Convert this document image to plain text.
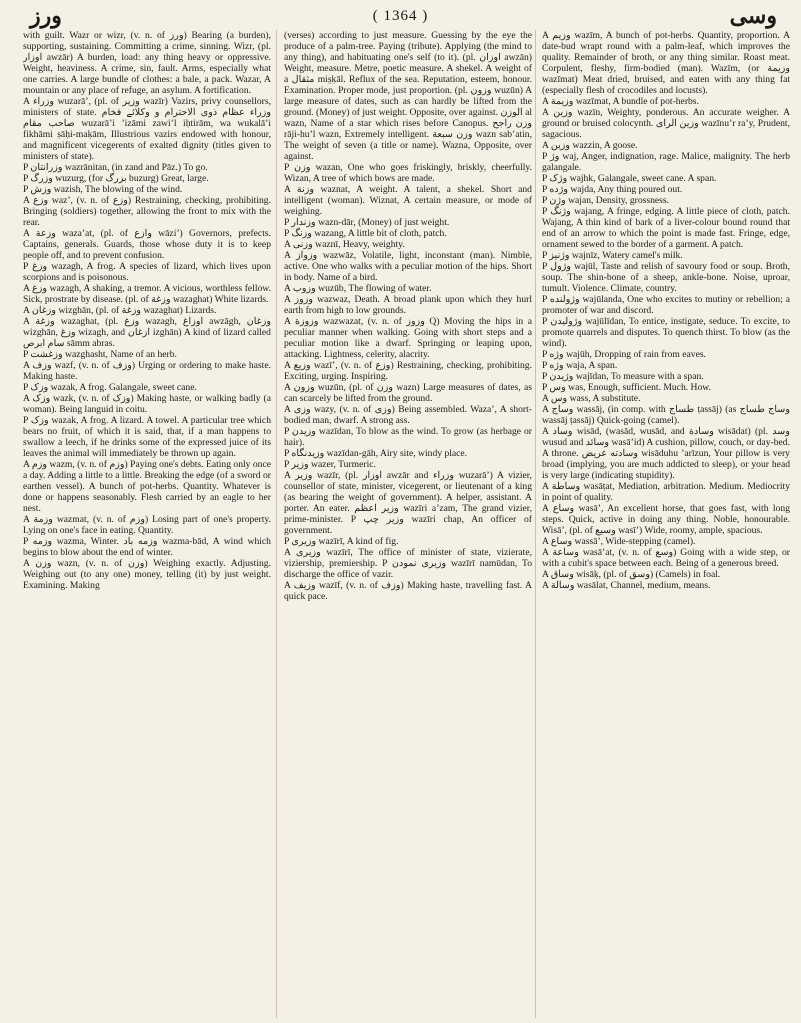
ورز	( 1364 )	وسی

with guilt. Wazr or wizr, (v. n. of ورز) Bearing (a burden), supporting, sustaining. Committing a crime, sinning. Wizr, (pl. اوزار awzār) A burden, load: any thing heavy or oppressive. Weight, heaviness. A crime, sin, fault. Arms, especially what one carries. A large bundle of clothes: a bale, a pack. Wazar, A mountain or any place of refuge, an asylum. A fortification.

A وزراء wuzarāʼ, (pl. of وزیر wazīr) Vazirs, privy counsellors, ministers of state. وزراء عظام ذوی الاحترام و وکلائے فخام صاحب مقام wuzarāʼi ʼizāmi zawiʼl iḥtirām, wa wukalāʼi fikhāmi ṣāḥi-maḳām, Illustrious vazirs endowed with honour, and magnificent vicegerents of exalted dignity (titles given to ministers of state).

P وزرانتان wazrānitan, (in zand and Pāz.) To go.

P وزرگ wuzurg, (for بزرگ buzurg) Great, large.

P وزش wazish, The blowing of the wind.

A وزع wazʼ, (v. n. of وزع) Restraining, checking, prohibiting. Bringing (soldiers) together, allowing the front to mix with the rear.

A وزعة wazaʼat, (pl. of وازع wāziʼ) Governors, prefects. Captains, generals. Guards, those whose duty it is to keep people off, and to prevent confusion.

P وزغ wazagh, A frog. A species of lizard, which lives upon scorpions and is poisonous.

A وزغ wazagh, A shaking, a tremor. A vicious, worthless fellow. Sick, prostrate by disease. (pl. of وزغة wazaghat) White lizards.

A وزغان wizghān, (pl. of وزغة wazaghat) Lizards.

A وزغة wazaghat, (pl. وزغ wazagh, اوزاغ awzāgh, وزغان wizghān, وزغ wizagh, and ازغان izghān) A kind of lizard called سام ابرص sāmm abras.

P وزغشت wazghasht, Name of an herb.

A وزف wazf, (v. n. of وزف) Urging or ordering to make haste. Making haste.

P وزک wazak, A frog. Galangale, sweet cane.

A وزک wazk, (v. n. of وزک) Making haste, or walking badly (a woman). Being languid in coitu.

P وزک wazak, A frog. A lizard. A towel. A particular tree which bears no fruit, of which it is said, that, if a man happens to swallow a leech, if he drinks some of the expressed juice of its leaves the animal will immediately be thrown up again.

A وزم wazm, (v. n. of وزم) Paying one's debts. Eating only once a day. Adding a little to a little. Breaking the edge (of a sword or earthen vessel). A bunch of pot-herbs. Quantity. Whatever is done or happens seasonably. Flesh carried by an eagle to her nest.

A وزمة wazmat, (v. n. of وزم) Losing part of one's property. Lying on one's face in eating. Quantity.

P وزمه wazma, Winter. وزمه باد wazma-bād, A wind which begins to blow about the end of winter.

A وزن wazn, (v. n. of وزن) Weighing exactly. Adjusting. Weighing out (to any one) money, telling (it) by just weight. Examining. Making

(verses) according to just measure. Guessing by the eye the produce of a palm-tree. Paying (tribute). Applying (the mind to any thing), and habituating one's self (to it). (pl. اوزان awzān) Weight, measure. Metre, poetic measure. A shekel. A weight of a مثقال mis̤ḳāl. Reflux of the sea. Reputation, esteem, honour. Examination. Proper mode, just proportion. (pl. وزون wuzūn) A large measure of dates, such as can hardly be lifted from the ground. (Money) of just weight. Opposite, over against. الوزن al wazn, Name of a star which rises before Canopus. وزن راجح rāji-huʼl wazn, Extremely intelligent. وزن سبعة wazn sabʼatin, The weight of seven (a title or name). Wazna, Opposite, over against.

P وزن wazan, One who goes friskingly, briskly, cheerfully. Wizan, A tree of which bows are made.

A وزنة waznat, A weight. A talent, a shekel. Short and intelligent (woman). Wiznat, A certain measure, or mode of weighing.

P وزندار wazn-dār, (Money) of just weight.

P وزنگ wazang, A little bit of cloth, patch.

A وزنی waznī, Heavy, weighty.

A وزواز wazwāz, Volatile, light, inconstant (man). Nimble, active. One who walks with a peculiar motion of the hips. Short in body. Name of a bird.

A وزوب wuzūb, The flowing of water.

A وزوز wazwaz, Death. A broad plank upon which they hurl earth from high to low grounds.

A وزوزة wazwazat, (v. n. of وزوز Q) Moving the hips in a peculiar manner when walking. Going with short steps and a peculiar motion like a dwarf. Springing or leaping upon, attacking. Lightness, celerity, alacrity.

A وزیع wazīʼ, (v. n. of وزع) Restraining, checking, prohibiting. Exciting, urging. Inspiring.

A وزون wuzūn, (pl. of وزن wazn) Large measures of dates, as can scarcely be lifted from the ground.

A وزی wazy, (v. n. of وزی) Being assembled. Wazaʼ, A short-bodied man, dwarf. A strong ass.

P وزیدن wazīdan, To blow as the wind. To grow (as herbage or hair).

P وزیدنگاه wazīdan-gāh, Airy site, windy place.

P وزیر wazer, Turmeric.

A وزیر wazīr, (pl. اوزار awzār and وزراء wuzarāʼ) A vizier, counsellor of state, minister, vicegerent, or lieutenant of a king (as bearing the weight of government). A helper, assistant. A porter. An eater. وزیر اعظم wazīri aʼzam, The grand vizier, prime-minister. P وزیر چپ wazīri chap, An officer of government.

P وزیری wazīrī, A kind of fig.

A وزیری wazīrī, The office of minister of state, vizierate, viziership, premiership. P وزیری نمودن wazīrī namūdan, To discharge the office of vazir.

A وزیف wazīf, (v. n. of وزف) Making haste, travelling fast. A quick pace.

A وزیم wazīm, A bunch of pot-herbs. Quantity, proportion. A date-bud wrapt round with a palm-leaf, which improves the quality. Remainder of broth, or any thing similar. Roast meat. Corpulent, fleshy, firm-bodied (man). Wazīm, (or وزیمة wazīmat) Meat dried, bruised, and eaten with any thing fat (especially flesh of crocodiles and locusts).

A وزیمة wazīmat, A bundle of pot-herbs.

A وزین wazīn, Weighty, ponderous. An accurate weigher. A ground or bruised colocynth. وزین الرای wazīnuʼr raʼy, Prudent, sagacious.

A وزین wazzin, A goose.

P وژ waj, Anger, indignation, rage. Malice, malignity. The herb galangale.

P وژک wajhk, Galangale, sweet cane. A span.

P وژده wajda, Any thing poured out.

P وژن wajan, Density, grossness.

P وژنگ wajang, A fringe, edging. A little piece of cloth, patch. Wajang, A thin kind of bark of a liver-colour bound round that end of an arrow to which the point is made fast. Fringe, edge, ornament sewed to the border of a garment. A patch.

P وژنیز wajnīz, Watery camel's milk.

P وژول wajūl, Taste and relish of savoury food or soup. Broth, soup. The shin-bone of a sheep, ankle-bone. Noise, uproar, tumult. Violence. Climate, country.

P وژولنده wajūlanda, One who excites to mutiny or rebellion; a promoter of war and discord.

P وژولیدن wajūlīdan, To entice, instigate, seduce. To excite, to promote quarrels and disputes. To quench thirst. To blow (as the wind).

P وژه wajūh, Dropping of rain from eaves.

P وژه waja, A span.

P وژیدن wajīdan, To measure with a span.

P وس was, Enough, sufficient. Much. How.

A وس wass, A substitute.

A وساج wassāj, (in comp. with طساج ṭassāj) (as وساج طساج wassāj ṭassāj) Quick-going (camel).

A وساد wisād, (wasād, wusād, and وسادة wisādat) (pl. وسد wusud and وسائد wasāʼid) A cushion, pillow, couch, or day-bed. A throne. وسادته عریض wisāduhu ʼarīzun, Your pillow is very broad (implying, you are much addicted to sleep), or your head is very large (indicating stupidity).

A وساطة wasāṭat, Mediation, arbitration. Medium. Mediocrity in point of quality.

A وساع wasāʼ, An excellent horse, that goes fast, with long steps. Quick, active in doing any thing. Noble, honourable. Wisāʼ, (pl. of وسیع wasīʼ) Wide, roomy, ample, spacious.

A وساع wassāʼ, Wide-stepping (camel).

A وساعة wasāʼat, (v. n. of وسع) Going with a wide step, or with a cubit's space between each. Being of a generous breed.

A وساق wisāḳ, (pl. of وسق) (Camels) in foal.

A وسالة wasālat, Channel, medium, means.
